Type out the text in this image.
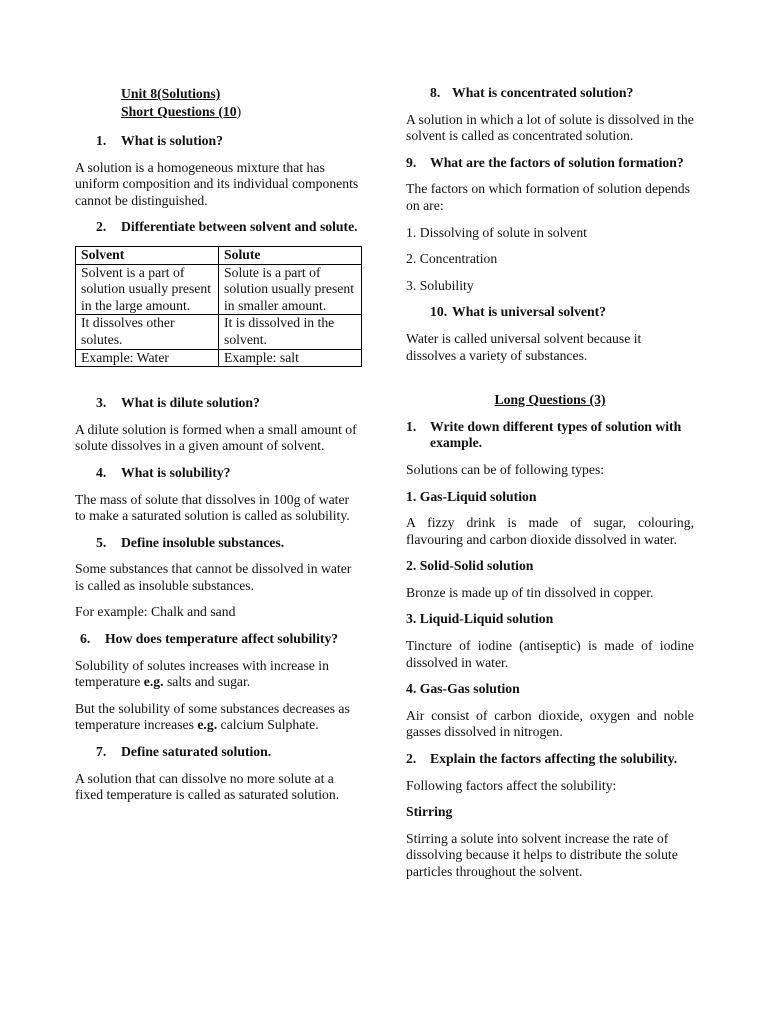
Unit 8(Solutions)
Short Questions (10)
1. What is solution?

A solution is a homogeneous mixture that has uniform composition and its individual components cannot be distinguished.

2. Differentiate between solvent and solute.
Solvent	Solute
Solvent is a part of solution usually present in the large amount.	Solute is a part of solution usually present in smaller amount.
It dissolves other solutes.	It is dissolved in the solvent.
Example: Water	Example: salt
3. What is dilute solution?

A dilute solution is formed when a small amount of solute dissolves in a given amount of solvent.

4. What is solubility?

The mass of solute that dissolves in 100g of water to make a saturated solution is called as solubility.

5. Define insoluble substances.

Some substances that cannot be dissolved in water is called as insoluble substances.

For example: Chalk and sand

6. How does temperature affect solubility?

Solubility of solutes increases with increase in temperature e.g. salts and sugar.

But the solubility of some substances decreases as temperature increases e.g. calcium Sulphate.

7. Define saturated solution.

A solution that can dissolve no more solute at a fixed temperature is called as saturated solution.

8. What is concentrated solution?

A solution in which a lot of solute is dissolved in the solvent is called as concentrated solution.

9. What are the factors of solution formation?

The factors on which formation of solution depends on are:

1. Dissolving of solute in solvent

2. Concentration

3. Solubility

10. What is universal solvent?

Water is called universal solvent because it dissolves a variety of substances.

Long Questions (3)
1. Write down different types of solution with example.

Solutions can be of following types:

1. Gas-Liquid solution

A fizzy drink is made of sugar, colouring, flavouring and carbon dioxide dissolved in water.

2. Solid-Solid solution

Bronze is made up of tin dissolved in copper.

3. Liquid-Liquid solution

Tincture of iodine (antiseptic) is made of iodine dissolved in water.

4. Gas-Gas solution

Air consist of carbon dioxide, oxygen and noble gasses dissolved in nitrogen.

2. Explain the factors affecting the solubility.

Following factors affect the solubility:

Stirring

Stirring a solute into solvent increase the rate of dissolving because it helps to distribute the solute particles throughout the solvent.
